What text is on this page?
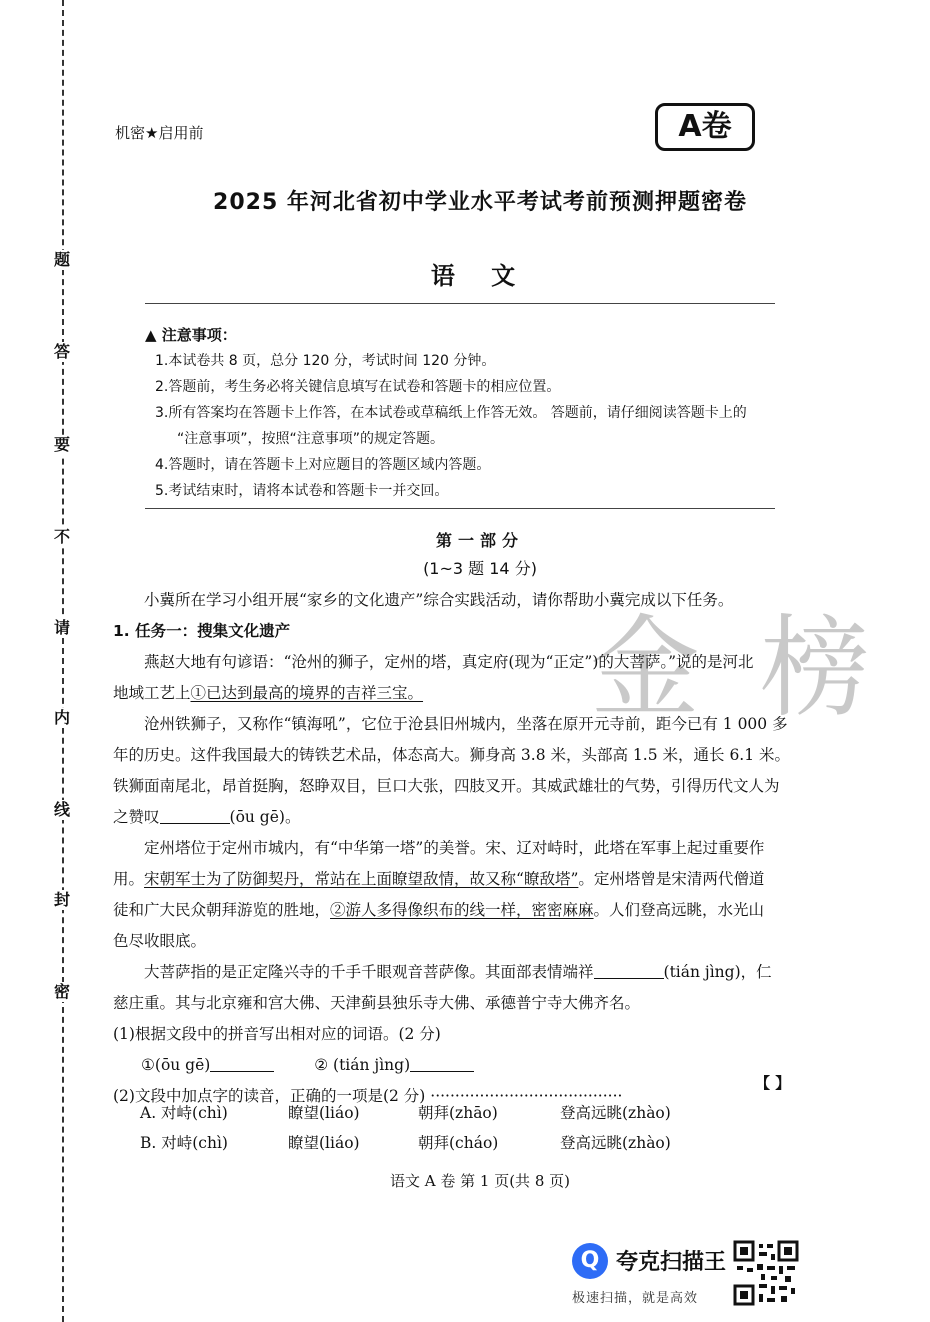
题
答
要
不
请
内
线
封
密
金榜
机密★启用前	A卷
2025 年河北省初中学业水平考试考前预测押题密卷
语 文
▲ 注意事项：
1.本试卷共 8 页，总分 120 分，考试时间 120 分钟。
2.答题前，考生务必将关键信息填写在试卷和答题卡的相应位置。
3.所有答案均在答题卡上作答，在本试卷或草稿纸上作答无效。 答题前，请仔细阅读答题卡上的
“注意事项”，按照“注意事项”的规定答题。
4.答题时，请在答题卡上对应题目的答题区域内答题。
5.考试结束时，请将本试卷和答题卡一并交回。
第一部分
(1~3 题 14 分)

小冀所在学习小组开展“家乡的文化遗产”综合实践活动，请你帮助小冀完成以下任务。

1. 任务一：搜集文化遗产

燕赵大地有句谚语：“沧州的狮子，定州的塔，真定府(现为“正定”)的大菩萨。”说的是河北

地域工艺上①已达到最高的境界的吉祥三宝。

沧州铁狮子，又称作“镇海吼”，它位于沧县旧州城内，坐落在原开元寺前，距今已有 1 000 多

年的历史。这件我国最大的铸铁艺术品，体态高大。狮身高 3.8 米，头部高 1.5 米，通长 6.1 米。

铁狮面南尾北，昂首挺胸，怒睁双目，巨口大张，四肢叉开。其威武雄壮的气势，引得历代文人为

之赞叹	(ōu gē)。

定州塔位于定州市城内，有“中华第一塔”的美誉。宋、辽对峙时，此塔在军事上起过重要作

用。宋朝军士为了防御契丹，常站在上面瞭望敌情，故又称“瞭敌塔”。定州塔曾是宋清两代僧道

徒和广大民众朝拜游览的胜地，②游人多得像织布的线一样，密密麻麻。人们登高远眺，水光山

色尽收眼底。

大菩萨指的是正定隆兴寺的千手千眼观音菩萨像。其面部表情端祥	(tián jìng)，仁

慈庄重。其与北京雍和宫大佛、天津蓟县独乐寺大佛、承德普宁寺大佛齐名。

(1)根据文段中的拼音写出相对应的词语。(2 分)

①(ōu gē)	② (tián jìng)

(2)文段中加点字的读音，正确的一项是(2 分) ·······································

【 】
A. 对峙(chì)	瞭望(liáo)	朝拜(zhāo)	登高远眺(zhào)
B. 对峙(chì)	瞭望(liáo)	朝拜(cháo)	登高远眺(zhào)
语文 A 卷 第 1 页(共 8 页)
Q 夸克扫描王
极速扫描，就是高效
